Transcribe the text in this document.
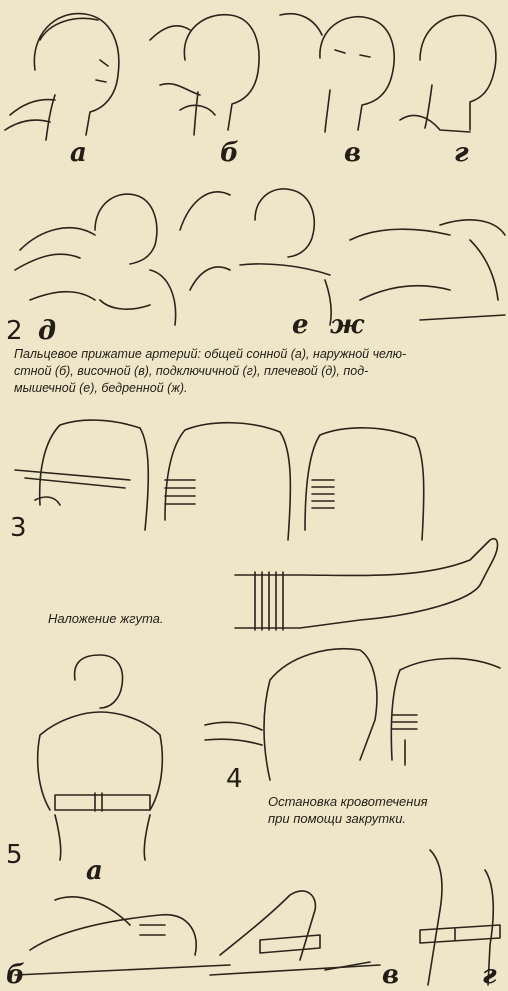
а	б	в	г
2 д	е ж
Пальцевое прижатие артерий: общей сонной (а), наружной челю-
стной (б), височной (в), подключичной (г), плечевой (д), под-
мышечной (е), бедренной (ж).
3
Наложение жгута.
4
Остановка кровотечения
при помощи закрутки.
5
а
б	в	г
